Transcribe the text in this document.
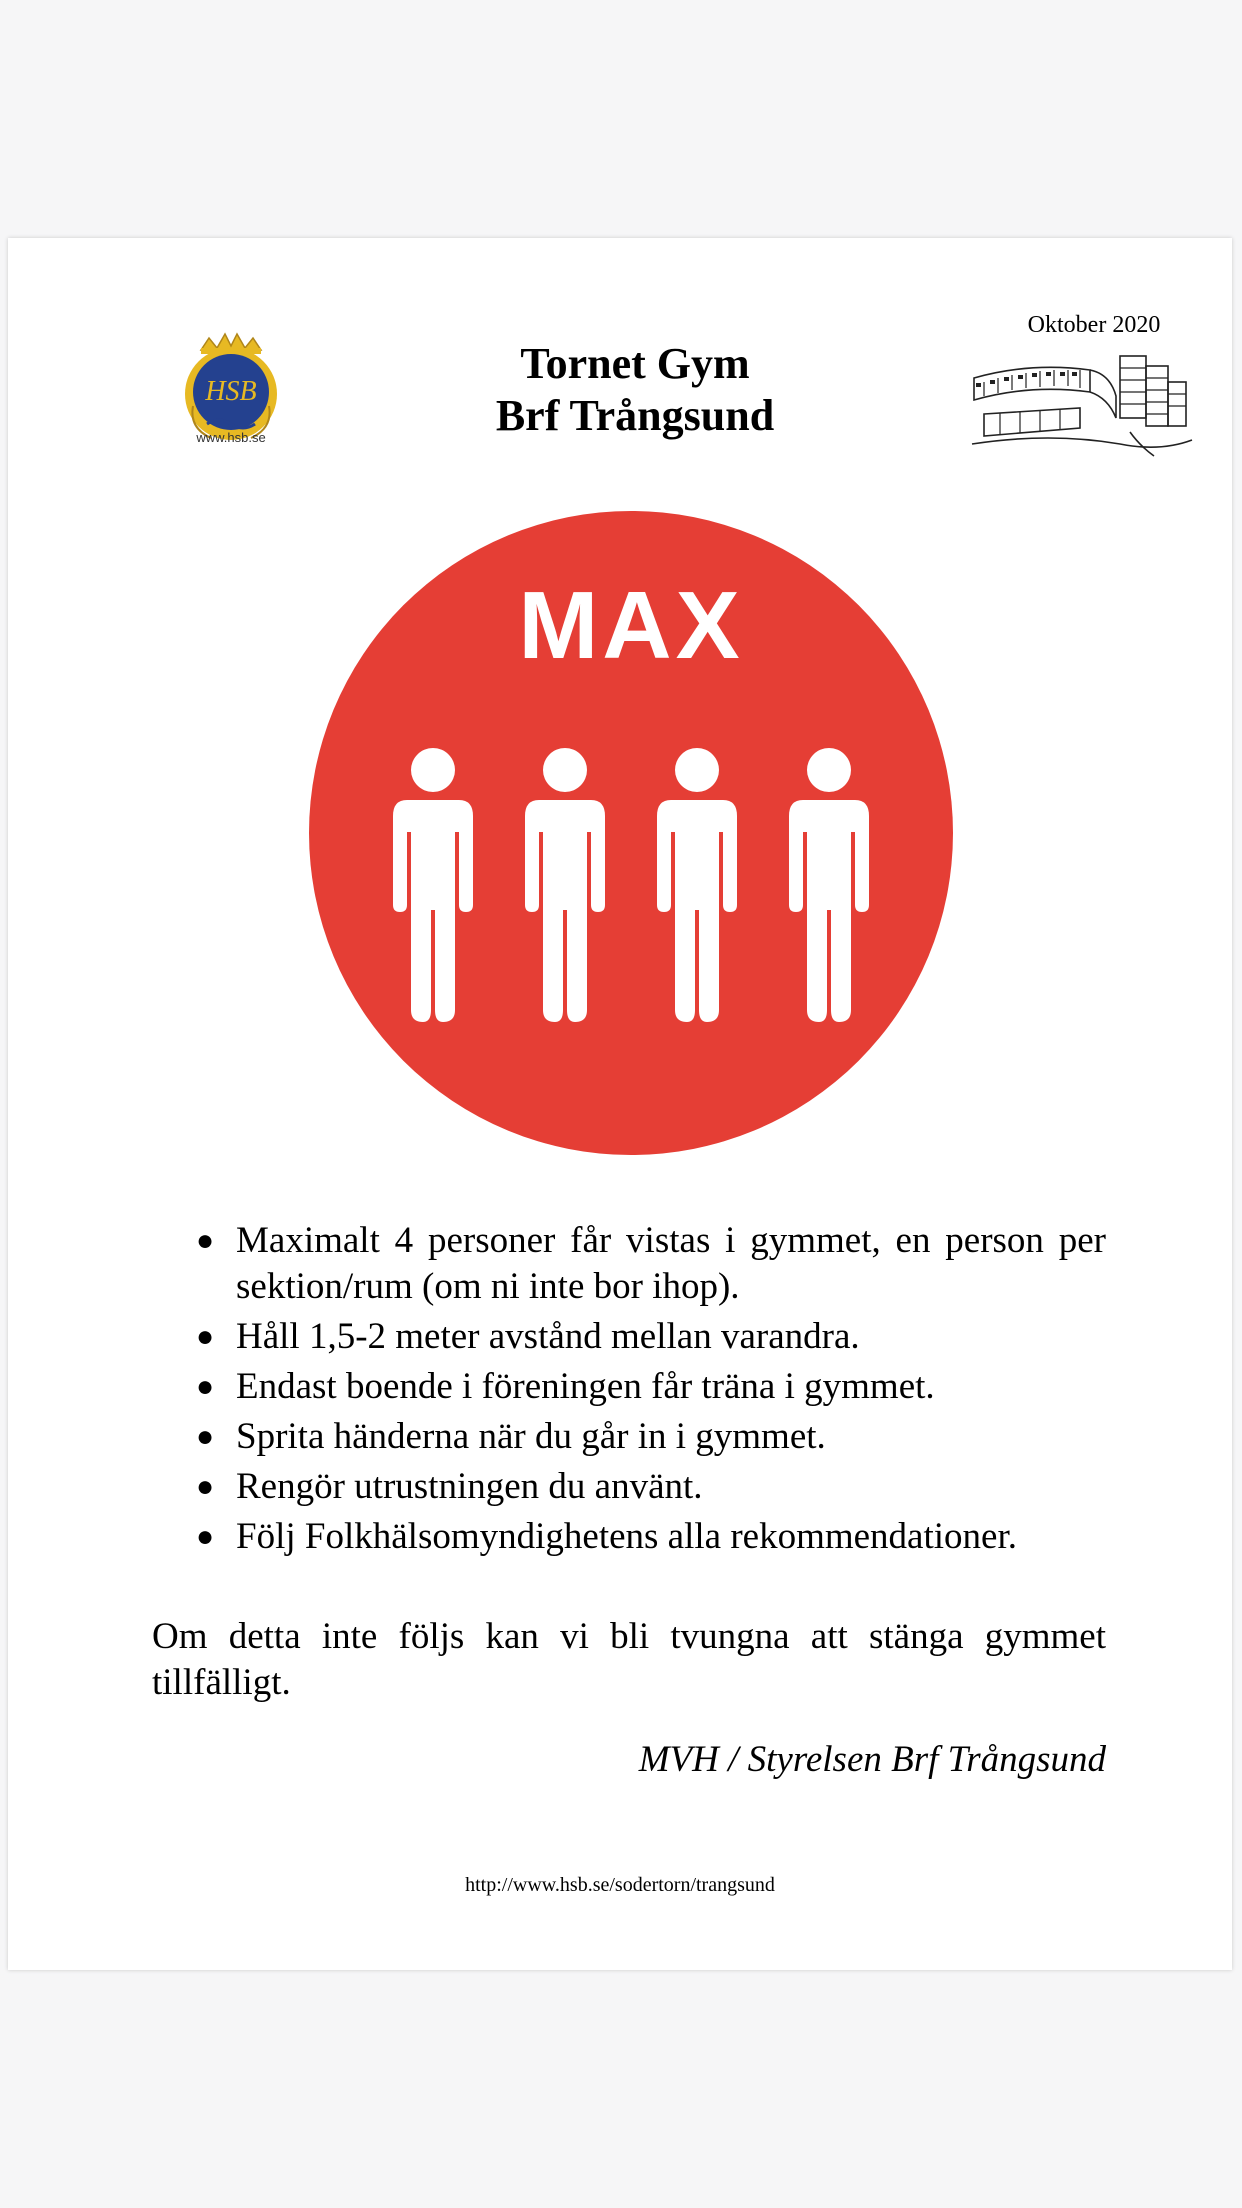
HSB
www.hsb.se
Tornet Gym
Brf Trångsund
Oktober 2020
MAX
● Maximalt 4 personer får vistas i gymmet, en person per sektion/rum (om ni inte bor ihop).
● Håll 1,5-2 meter avstånd mellan varandra.
● Endast boende i föreningen får träna i gymmet.
● Sprita händerna när du går in i gymmet.
● Rengör utrustningen du använt.
● Följ Folkhälsomyndighetens alla rekommendationer.
Om detta inte följs kan vi bli tvungna att stänga gymmet tillfälligt.
MVH / Styrelsen Brf Trångsund
http://www.hsb.se/sodertorn/trangsund
